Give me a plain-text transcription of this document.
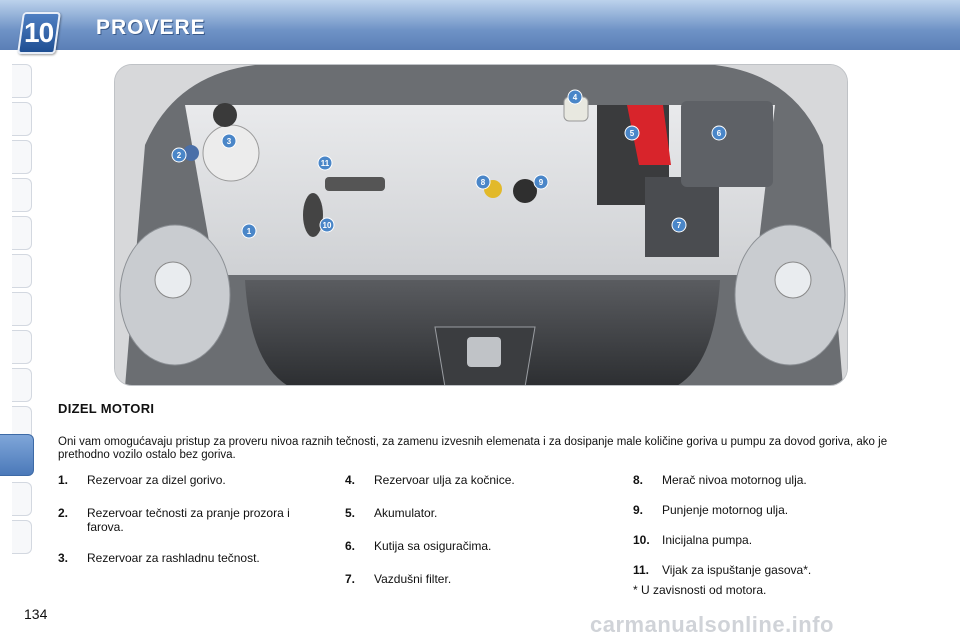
10 PROVERE
1
2
3
4
5	6
7
8	9
10
11
DIZEL MOTORI
Oni vam omogućavaju pristup za proveru nivoa raznih tečnosti, za zamenu izvesnih elemenata i za dosipanje male količine goriva u pumpu za dovod goriva, ako je prethodno vozilo ostalo bez goriva.
1. Rezervoar za dizel gorivo.
2. Rezervoar tečnosti za pranje prozora i farova.
3. Rezervoar za rashladnu tečnost.
4. Rezervoar ulja za kočnice.
5. Akumulator.
6. Kutija sa osiguračima.
7. Vazdušni filter.
8. Merač nivoa motornog ulja.
9. Punjenje motornog ulja.
10. Inicijalna pumpa.
11. Vijak za ispuštanje gasova*.
* U zavisnosti od motora.
134	carmanualsonline.info
